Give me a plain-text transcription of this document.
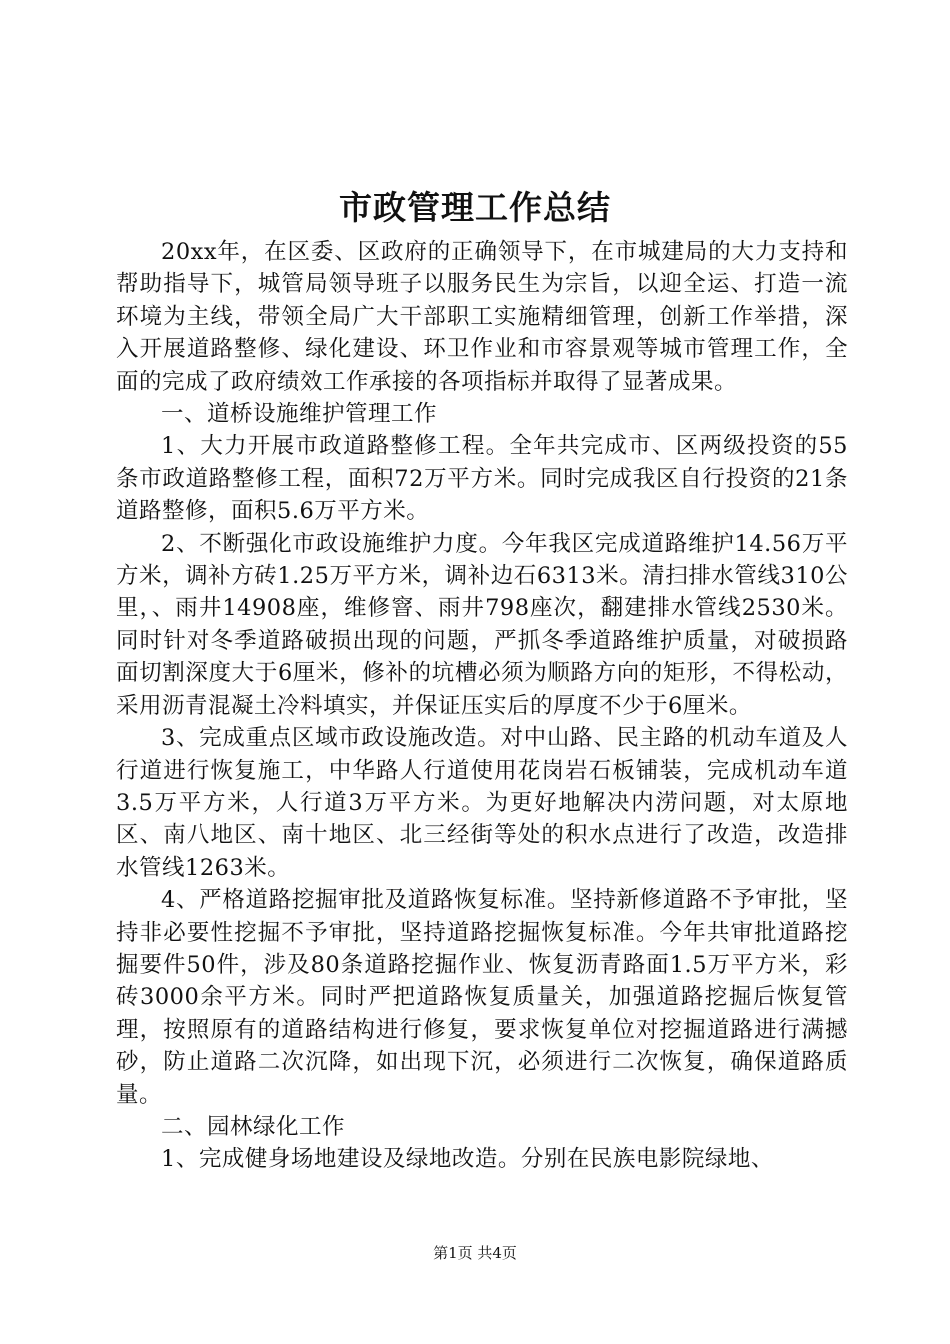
市政管理工作总结

20xx年，在区委、区政府的正确领导下，在市城建局的大力支持和帮助指导下，城管局领导班子以服务民生为宗旨，以迎全运、打造一流环境为主线，带领全局广大干部职工实施精细管理，创新工作举措，深入开展道路整修、绿化建设、环卫作业和市容景观等城市管理工作，全面的完成了政府绩效工作承接的各项指标并取得了显著成果。

一、道桥设施维护管理工作

1、大力开展市政道路整修工程。全年共完成市、区两级投资的55条市政道路整修工程，面积72万平方米。同时完成我区自行投资的21条道路整修，面积5.6万平方米。

2、不断强化市政设施维护力度。今年我区完成道路维护14.56万平方米，调补方砖1.25万平方米，调补边石6313米。清扫排水管线310公里，、雨井14908座，维修窨、雨井798座次，翻建排水管线2530米。同时针对冬季道路破损出现的问题，严抓冬季道路维护质量，对破损路面切割深度大于6厘米，修补的坑槽必须为顺路方向的矩形，不得松动，采用沥青混凝土冷料填实，并保证压实后的厚度不少于6厘米。

3、完成重点区域市政设施改造。对中山路、民主路的机动车道及人行道进行恢复施工，中华路人行道使用花岗岩石板铺装，完成机动车道3.5万平方米，人行道3万平方米。为更好地解决内涝问题，对太原地区、南八地区、南十地区、北三经街等处的积水点进行了改造，改造排水管线1263米。

4、严格道路挖掘审批及道路恢复标准。坚持新修道路不予审批，坚持非必要性挖掘不予审批，坚持道路挖掘恢复标准。今年共审批道路挖掘要件50件，涉及80条道路挖掘作业、恢复沥青路面1.5万平方米，彩砖3000余平方米。同时严把道路恢复质量关，加强道路挖掘后恢复管理，按照原有的道路结构进行修复，要求恢复单位对挖掘道路进行满撼砂，防止道路二次沉降，如出现下沉，必须进行二次恢复，确保道路质量。

二、园林绿化工作

1、完成健身场地建设及绿地改造。分别在民族电影院绿地、

第1页 共4页
